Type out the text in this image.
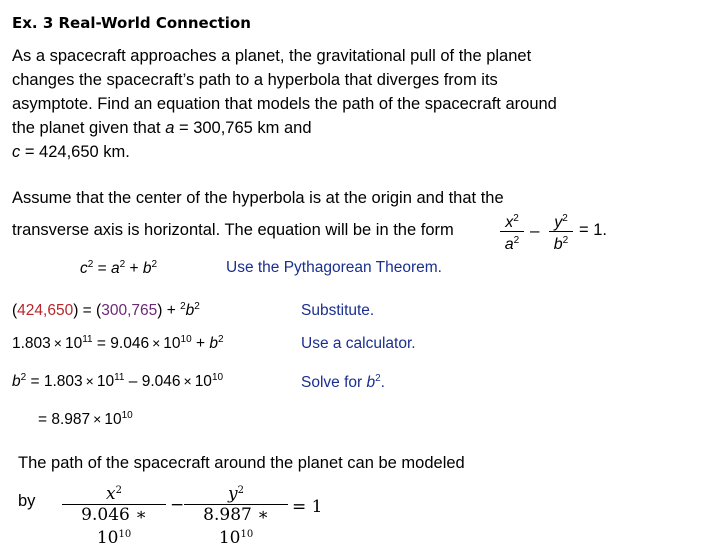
Ex. 3 Real-World Connection
As a spacecraft approaches a planet, the gravitational pull of the planet changes the spacecraft’s path to a hyperbola that diverges from its asymptote. Find an equation that models the path of the spacecraft around the planet given that a = 300,765 km and
c = 424,650 km.
Assume that the center of the hyperbola is at the origin and that the
transverse axis is horizontal. The equation will be in the form	$\frac{x^2}{a^2} - \frac{y^2}{b^2} = 1$.
$c^2 = a^2 + b^2$	Use the Pythagorean Theorem.
$(424,650) = (300,765) + ^2b^2$	Substitute.
$1.803 \times 10^{11} = 9.046 \times 10^{10} + b^2$	Use a calculator.
$b^2 = 1.803 \times 10^{11} - 9.046 \times 10^{10}$	Solve for $b^2$.
= $8.987 \times 10^{10}$
The path of the spacecraft around the planet can be modeled
by $\frac{x^2}{9.046 ∗ 10^{10}} - \frac{y^2}{8.987 ∗ 10^{10}} = 1$
